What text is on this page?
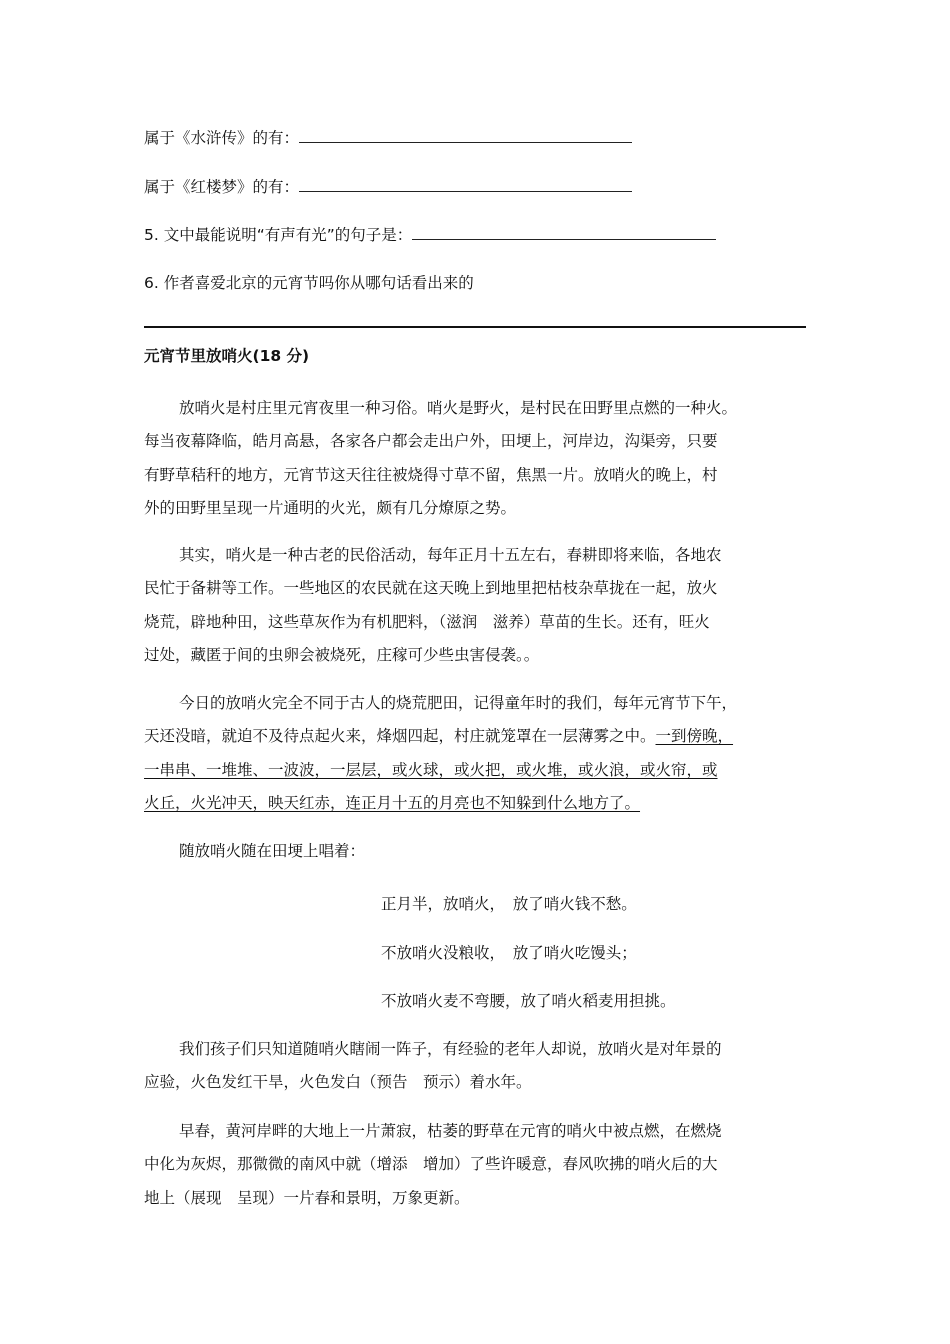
属于《水浒传》的有：
属于《红楼梦》的有：
5. 文中最能说明“有声有光”的句子是：
6. 作者喜爱北京的元宵节吗你从哪句话看出来的
元宵节里放哨火(18 分)
放哨火是村庄里元宵夜里一种习俗。哨火是野火，是村民在田野里点燃的一种火。
每当夜幕降临，皓月高悬，各家各户都会走出户外，田埂上，河岸边，沟渠旁，只要
有野草秸秆的地方，元宵节这天往往被烧得寸草不留，焦黑一片。放哨火的晚上，村
外的田野里呈现一片通明的火光，颇有几分燎原之势。
其实，哨火是一种古老的民俗活动，每年正月十五左右，春耕即将来临，各地农
民忙于备耕等工作。一些地区的农民就在这天晚上到地里把枯枝杂草拢在一起，放火
烧荒，辟地种田，这些草灰作为有机肥料，（滋润　滋养）草苗的生长。还有，旺火
过处，藏匿于间的虫卵会被烧死，庄稼可少些虫害侵袭。。
今日的放哨火完全不同于古人的烧荒肥田，记得童年时的我们，每年元宵节下午，
天还没暗，就迫不及待点起火来，烽烟四起，村庄就笼罩在一层薄雾之中。一到傍晚，
一串串、一堆堆、一波波，一层层，或火球，或火把，或火堆，或火浪，或火帘，或
火丘，火光冲天，映天红赤，连正月十五的月亮也不知躲到什么地方了。
随放哨火随在田埂上唱着：
正月半，放哨火，　放了哨火钱不愁。
不放哨火没粮收，　放了哨火吃馒头；
不放哨火麦不弯腰，放了哨火稻麦用担挑。
我们孩子们只知道随哨火瞎闹一阵子，有经验的老年人却说，放哨火是对年景的
应验，火色发红干旱，火色发白（预告　预示）着水年。
早春，黄河岸畔的大地上一片萧寂，枯萎的野草在元宵的哨火中被点燃，在燃烧
中化为灰烬，那微微的南风中就（增添　增加）了些许暖意，春风吹拂的哨火后的大
地上（展现　呈现）一片春和景明，万象更新。
